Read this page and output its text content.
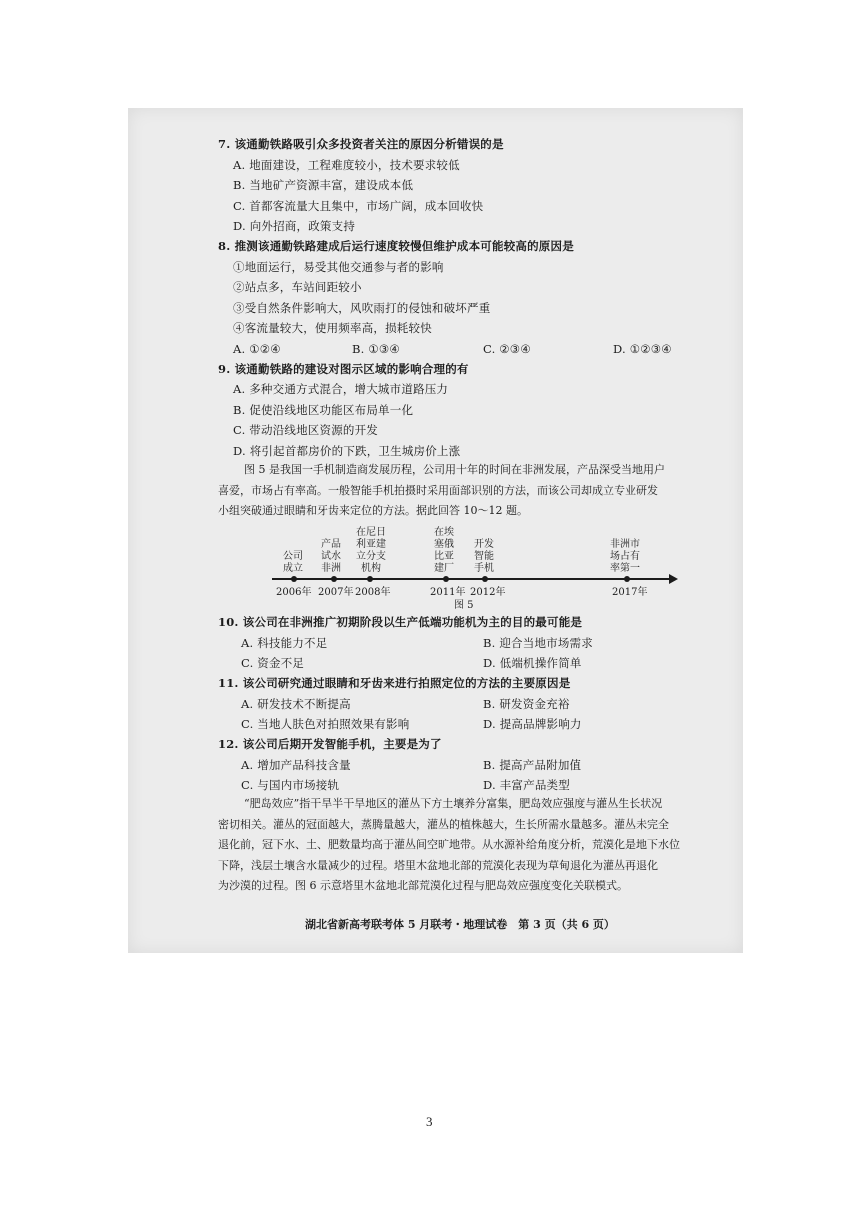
7. 该通勤铁路吸引众多投资者关注的原因分析错误的是
A. 地面建设，工程难度较小，技术要求较低
B. 当地矿产资源丰富，建设成本低
C. 首都客流量大且集中，市场广阔，成本回收快
D. 向外招商，政策支持
8. 推测该通勤铁路建成后运行速度较慢但维护成本可能较高的原因是
①地面运行，易受其他交通参与者的影响
②站点多，车站间距较小
③受自然条件影响大，风吹雨打的侵蚀和破坏严重
④客流量较大，使用频率高，损耗较快
A. ①②④	B. ①③④	C. ②③④	D. ①②③④
9. 该通勤铁路的建设对图示区域的影响合理的有
A. 多种交通方式混合，增大城市道路压力
B. 促使沿线地区功能区布局单一化
C. 带动沿线地区资源的开发
D. 将引起首都房价的下跌，卫生城房价上涨
图 5 是我国一手机制造商发展历程，公司用十年的时间在非洲发展，产品深受当地用户
喜爱，市场占有率高。一般智能手机拍摄时采用面部识别的方法，而该公司却成立专业研发
小组突破通过眼睛和牙齿来定位的方法。据此回答 10～12 题。
公司
成立
产品
试水
非洲
在尼日
利亚建
立分支
机构
在埃
塞俄
比亚
建厂
开发
智能
手机
非洲市
场占有
率第一
2006年 2007年 2008年	2011年 2012年	2017年
图 5
10. 该公司在非洲推广初期阶段以生产低端功能机为主的目的最可能是
A. 科技能力不足	B. 迎合当地市场需求
C. 资金不足	D. 低端机操作简单
11. 该公司研究通过眼睛和牙齿来进行拍照定位的方法的主要原因是
A. 研发技术不断提高	B. 研发资金充裕
C. 当地人肤色对拍照效果有影响	D. 提高品牌影响力
12. 该公司后期开发智能手机，主要是为了
A. 增加产品科技含量	B. 提高产品附加值
C. 与国内市场接轨	D. 丰富产品类型
“肥岛效应”指干旱半干旱地区的灌丛下方土壤养分富集，肥岛效应强度与灌丛生长状况
密切相关。灌丛的冠面越大，蒸腾量越大，灌丛的植株越大，生长所需水量越多。灌丛未完全
退化前，冠下水、土、肥数量均高于灌丛间空旷地带。从水源补给角度分析，荒漠化是地下水位
下降，浅层土壤含水量减少的过程。塔里木盆地北部的荒漠化表现为草甸退化为灌丛再退化
为沙漠的过程。图 6 示意塔里木盆地北部荒漠化过程与肥岛效应强度变化关联模式。
湖北省新高考联考体 5 月联考・地理试卷　第 3 页（共 6 页）
3
